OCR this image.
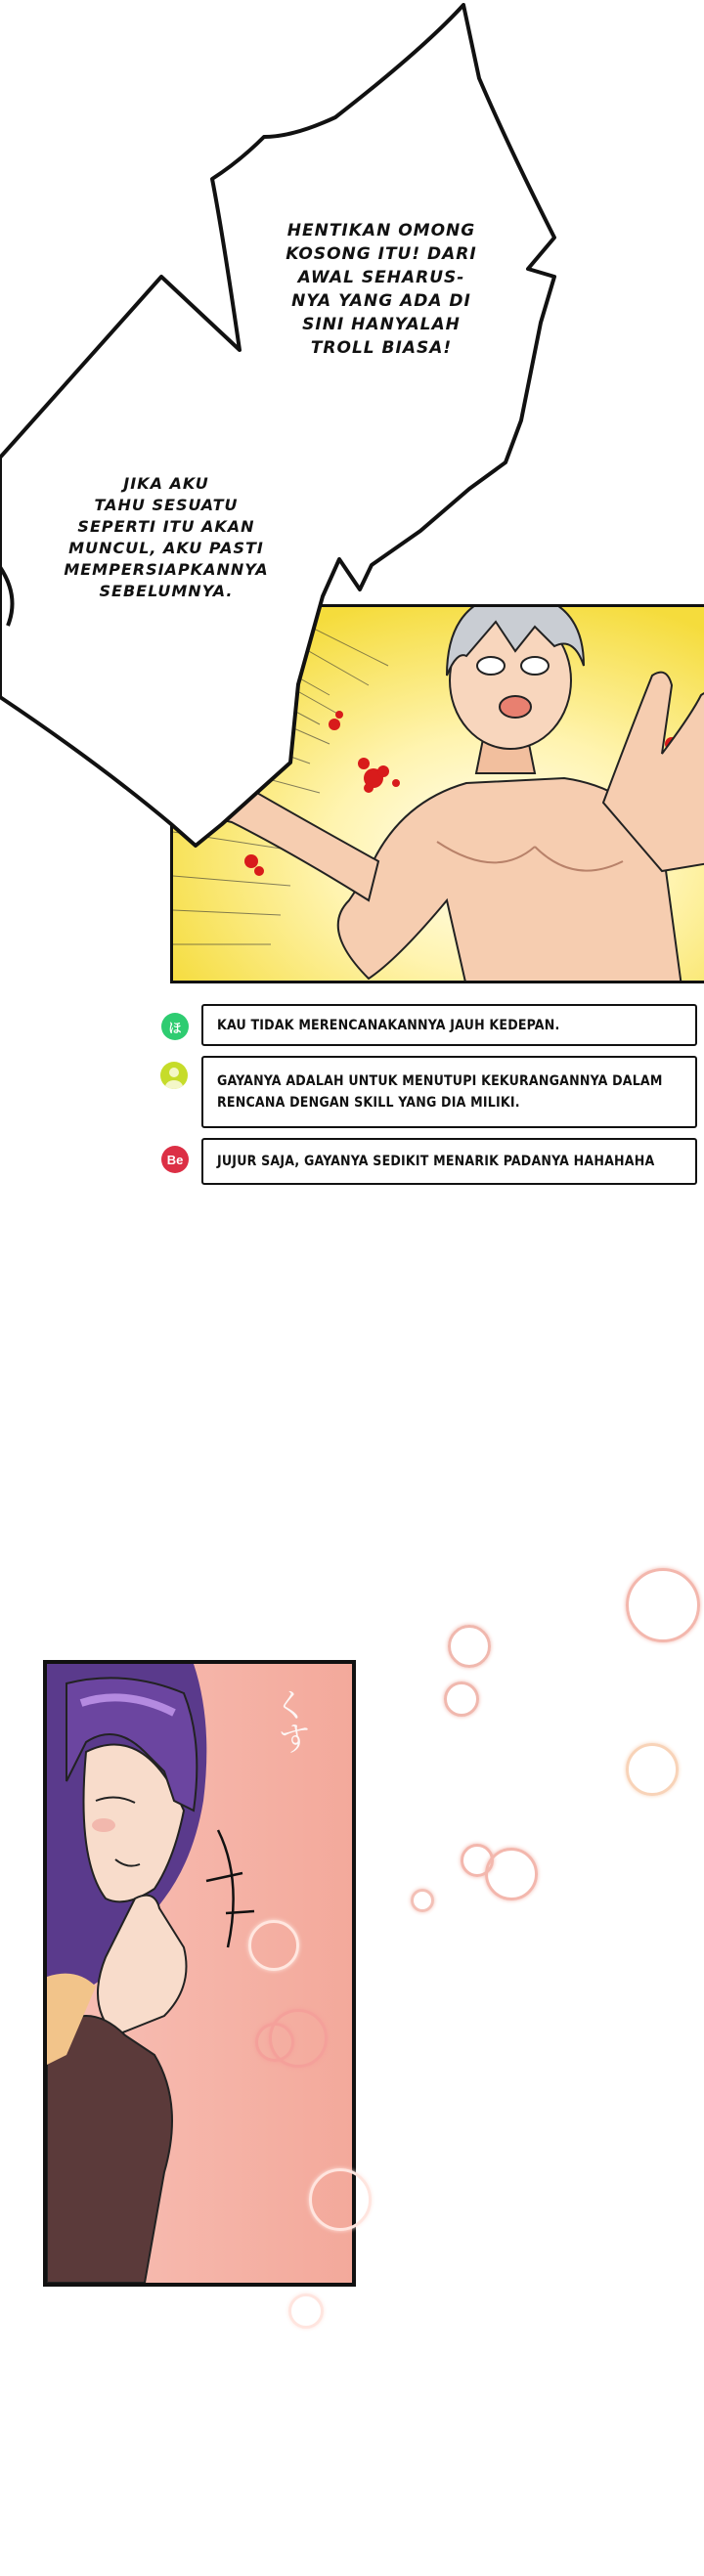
HENTIKAN OMONG
KOSONG ITU! DARI
AWAL SEHARUS-
NYA YANG ADA DI
SINI HANYALAH
TROLL BIASA!
JIKA AKU
TAHU SESUATU
SEPERTI ITU AKAN
MUNCUL, AKU PASTI
MEMPERSIAPKANNYA
SEBELUMNYA.
ほ	KAU TIDAK MERENCANAKANNYA JAUH KEDEPAN.
GAYANYA ADALAH UNTUK MENUTUPI KEKURANGANNYA DALAM
RENCANA DENGAN SKILL YANG DIA MILIKI.
Be	JUJUR SAJA, GAYANYA SEDIKIT MENARIK PADANYA HAHAHAHA
くす
